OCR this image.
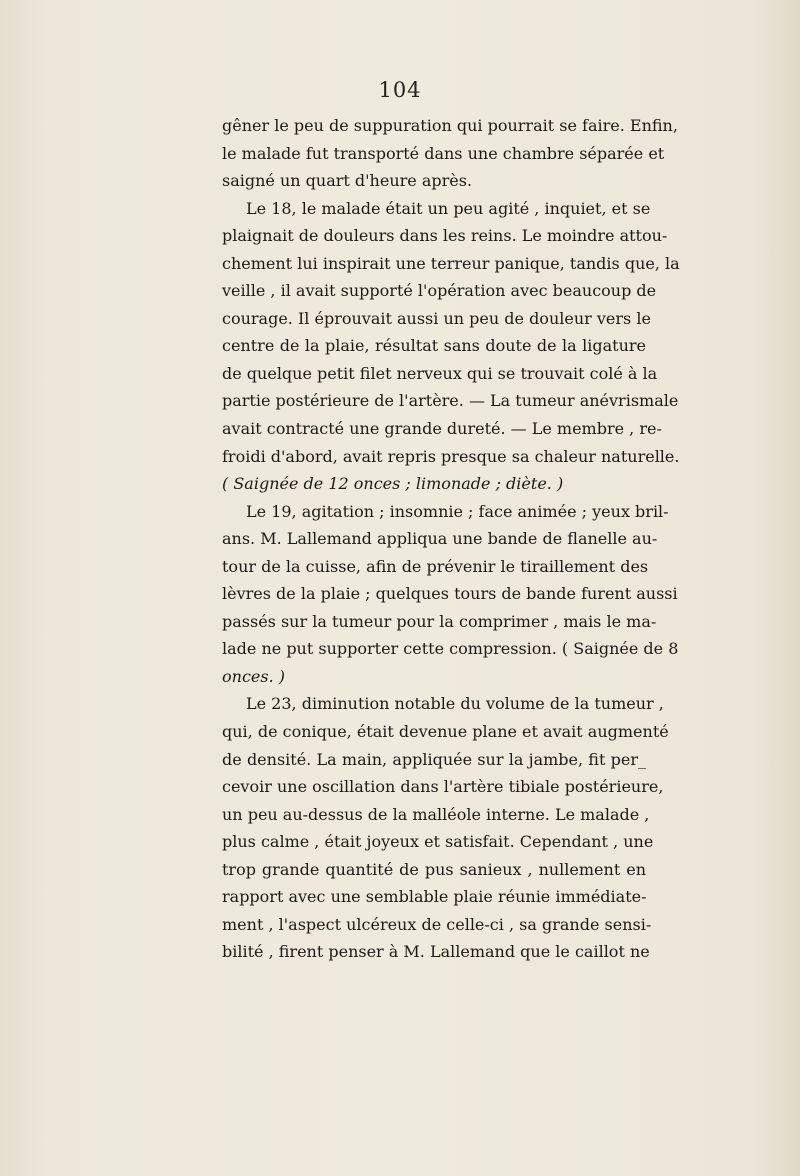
104
gêner le peu de suppuration qui pourrait se faire. Enfin,
le malade fut transporté dans une chambre séparée et
saigné un quart d'heure après.
Le 18, le malade était un peu agité , inquiet, et se
plaignait de douleurs dans les reins. Le moindre attou-
chement lui inspirait une terreur panique, tandis que, la
veille , il avait supporté l'opération avec beaucoup de
courage. Il éprouvait aussi un peu de douleur vers le
centre de la plaie, résultat sans doute de la ligature
de quelque petit filet nerveux qui se trouvait colé à la
partie postérieure de l'artère. — La tumeur anévrismale
avait contracté une grande dureté. — Le membre , re-
froidi d'abord, avait repris presque sa chaleur naturelle.
( Saignée de 12 onces ; limonade ; diète. )
Le 19, agitation ; insomnie ; face animée ; yeux bril-
ans. M. Lallemand appliqua une bande de flanelle au-
tour de la cuisse, afin de prévenir le tiraillement des
lèvres de la plaie ; quelques tours de bande furent aussi
passés sur la tumeur pour la comprimer , mais le ma-
lade ne put supporter cette compression. ( Saignée de 8
onces. )
Le 23, diminution notable du volume de la tumeur ,
qui, de conique, était devenue plane et avait augmenté
de densité. La main, appliquée sur la jambe, fit per_
cevoir une oscillation dans l'artère tibiale postérieure,
un peu au-dessus de la malléole interne. Le malade ,
plus calme , était joyeux et satisfait. Cependant , une
trop grande quantité de pus sanieux , nullement en
rapport avec une semblable plaie réunie immédiate-
ment , l'aspect ulcéreux de celle-ci , sa grande sensi-
bilité , firent penser à M. Lallemand que le caillot ne
